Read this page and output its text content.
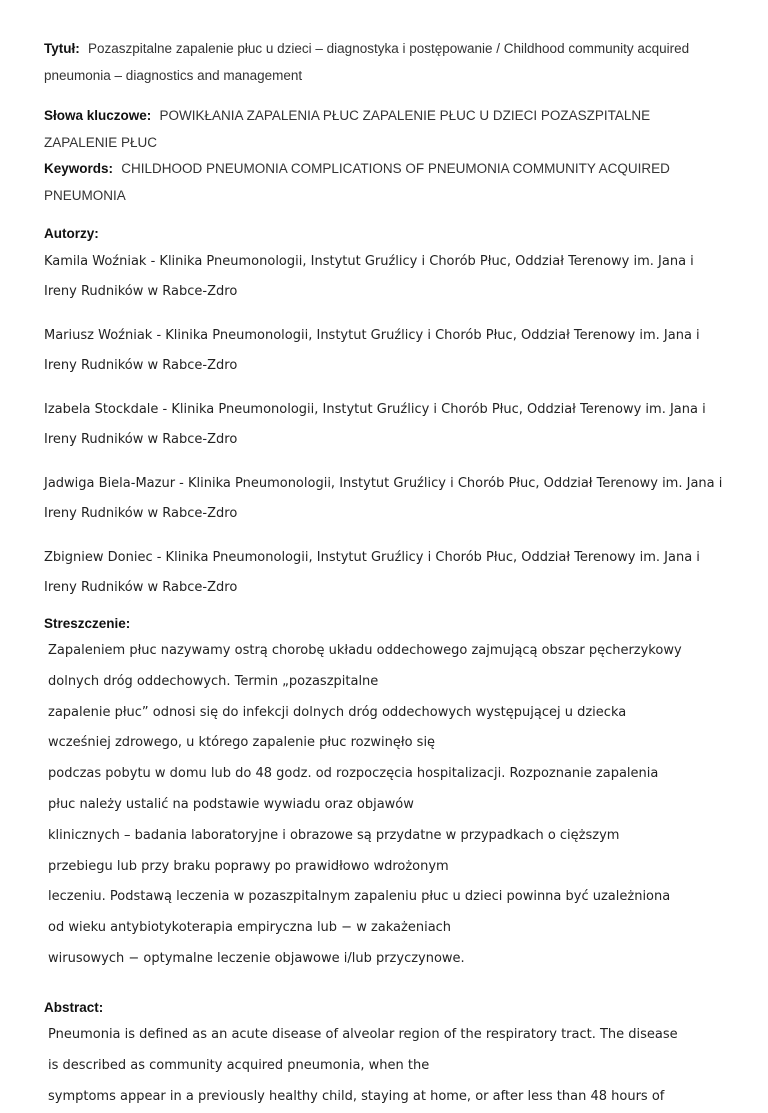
Tytuł: Pozaszpitalne zapalenie płuc u dzieci – diagnostyka i postępowanie / Childhood community acquired pneumonia – diagnostics and management
Słowa kluczowe: POWIKŁANIA ZAPALENIA PŁUC ZAPALENIE PŁUC U DZIECI POZASZPITALNE ZAPALENIE PŁUC
Keywords: CHILDHOOD PNEUMONIA COMPLICATIONS OF PNEUMONIA COMMUNITY ACQUIRED PNEUMONIA
Autorzy:
Kamila Woźniak - Klinika Pneumonologii, Instytut Gruźlicy i Chorób Płuc, Oddział Terenowy im. Jana i Ireny Rudników w Rabce-Zdro
Mariusz Woźniak - Klinika Pneumonologii, Instytut Gruźlicy i Chorób Płuc, Oddział Terenowy im. Jana i Ireny Rudników w Rabce-Zdro
Izabela Stockdale - Klinika Pneumonologii, Instytut Gruźlicy i Chorób Płuc, Oddział Terenowy im. Jana i Ireny Rudników w Rabce-Zdro
Jadwiga Biela-Mazur - Klinika Pneumonologii, Instytut Gruźlicy i Chorób Płuc, Oddział Terenowy im. Jana i Ireny Rudników w Rabce-Zdro
Zbigniew Doniec - Klinika Pneumonologii, Instytut Gruźlicy i Chorób Płuc, Oddział Terenowy im. Jana i Ireny Rudników w Rabce-Zdro
Streszczenie:
Zapaleniem płuc nazywamy ostrą chorobę układu oddechowego zajmującą obszar pęcherzykowy
dolnych dróg oddechowych. Termin „pozaszpitalne
zapalenie płuc” odnosi się do infekcji dolnych dróg oddechowych występującej u dziecka
wcześniej zdrowego, u którego zapalenie płuc rozwinęło się
podczas pobytu w domu lub do 48 godz. od rozpoczęcia hospitalizacji. Rozpoznanie zapalenia
płuc należy ustalić na podstawie wywiadu oraz objawów
klinicznych – badania laboratoryjne i obrazowe są przydatne w przypadkach o cięższym
przebiegu lub przy braku poprawy po prawidłowo wdrożonym
leczeniu. Podstawą leczenia w pozaszpitalnym zapaleniu płuc u dzieci powinna być uzależniona
od wieku antybiotykoterapia empiryczna lub − w zakażeniach
wirusowych − optymalne leczenie objawowe i/lub przyczynowe.
Abstract:
Pneumonia is defined as an acute disease of alveolar region of the respiratory tract. The disease
is described as community acquired pneumonia, when the
symptoms appear in a previously healthy child, staying at home, or after less than 48 hours of
